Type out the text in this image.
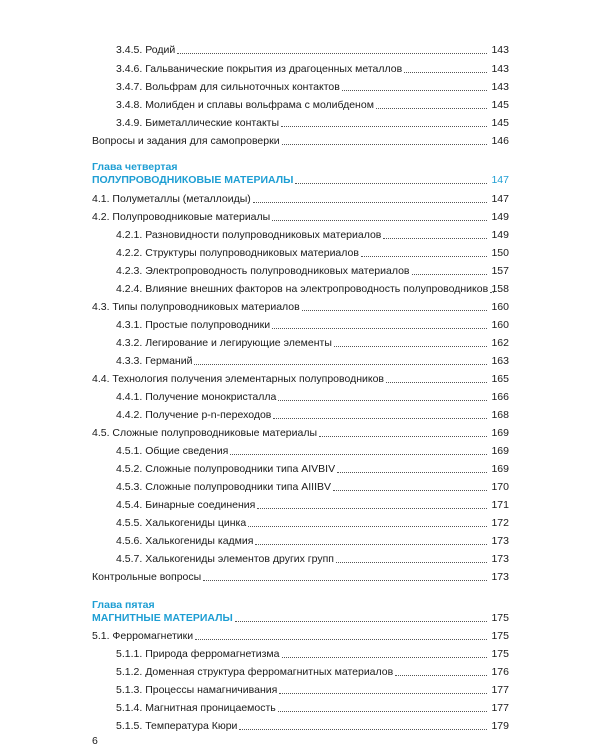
3.4.5. Родий	143
3.4.6. Гальванические покрытия из драгоценных металлов	143
3.4.7. Вольфрам для сильноточных контактов	143
3.4.8. Молибден и сплавы вольфрама с молибденом	145
3.4.9. Биметаллические контакты	145
Вопросы и задания для самопроверки	146
Глава четвертая
ПОЛУПРОВОДНИКОВЫЕ МАТЕРИАЛЫ	147
4.1. Полуметаллы (металлоиды)	147
4.2. Полупроводниковые материалы	149
4.2.1. Разновидности полупроводниковых материалов	149
4.2.2. Структуры полупроводниковых материалов	150
4.2.3. Электропроводность полупроводниковых материалов	157
4.2.4. Влияние внешних факторов на электропроводность полупроводников 158
4.3. Типы полупроводниковых материалов	160
4.3.1. Простые полупроводники	160
4.3.2. Легирование и легирующие элементы	162
4.3.3. Германий	163
4.4. Технология получения элементарных полупроводников	165
4.4.1. Получение монокристалла	166
4.4.2. Получение р-n-переходов	168
4.5. Сложные полупроводниковые материалы	169
4.5.1. Общие сведения	169
4.5.2. Сложные полупроводники типа AIVBIV	169
4.5.3. Сложные полупроводники типа AIIIBV	170
4.5.4. Бинарные соединения	171
4.5.5. Халькогениды цинка	172
4.5.6. Халькогениды кадмия	173
4.5.7. Халькогениды элементов других групп	173
Контрольные вопросы	173
Глава пятая
МАГНИТНЫЕ МАТЕРИАЛЫ	175
5.1. Ферромагнетики	175
5.1.1. Природа ферромагнетизма	175
5.1.2. Доменная структура ферромагнитных материалов	176
5.1.3. Процессы намагничивания	177
5.1.4. Магнитная проницаемость	177
5.1.5. Температура Кюри	179
6
